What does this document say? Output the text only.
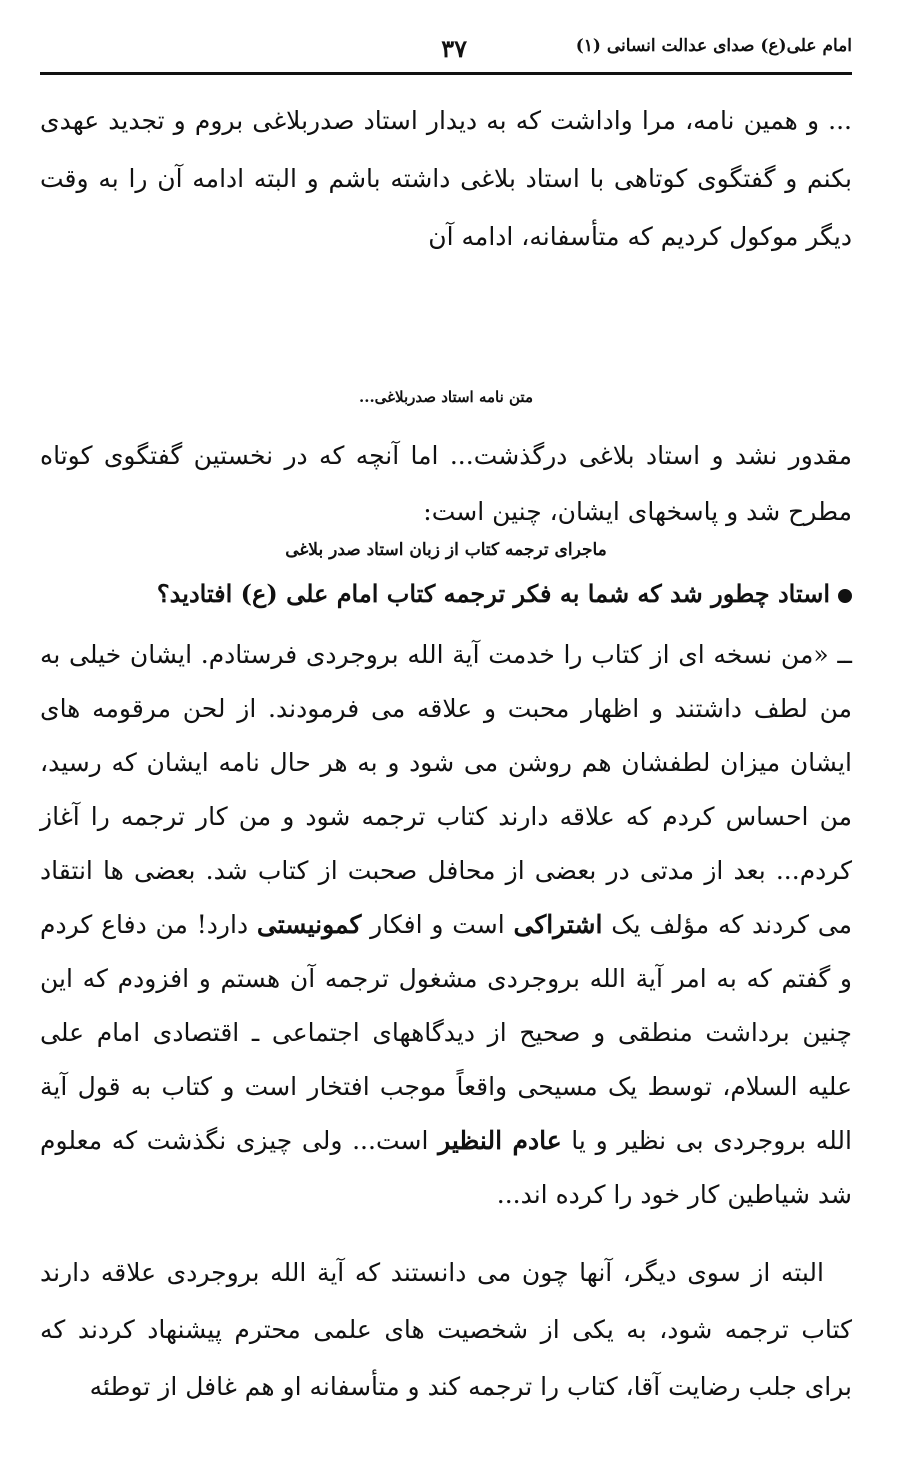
امام علی(ع) صدای عدالت انسانی (۱)
۳۷

... و همین نامه، مرا واداشت که به دیدار استاد صدربلاغی بروم و تجدید عهدی بکنم و گفتگوی کوتاهی با استاد بلاغی داشته باشم و البته ادامه آن را به وقت دیگر موکول کردیم که متأسفانه، ادامه آن

متن نامه استاد صدربلاغی...

مقدور نشد و استاد بلاغی درگذشت... اما آنچه که در نخستین گفتگوی کوتاه مطرح شد و پاسخهای ایشان، چنین است:

ماجرای ترجمه کتاب از زبان استاد صدر بلاغی
استاد چطور شد که شما به فکر ترجمه کتاب امام علی (ع) افتادید؟

ــ «من نسخه ای از کتاب را خدمت آیة الله بروجردی فرستادم. ایشان خیلی به من لطف داشتند و اظهار محبت و علاقه می فرمودند. از لحن مرقومه های ایشان میزان لطفشان هم روشن می شود و به هر حال نامه ایشان که رسید، من احساس کردم که علاقه دارند کتاب ترجمه شود و من کار ترجمه را آغاز کردم... بعد از مدتی در بعضی از محافل صحبت از کتاب شد. بعضی ها انتقاد می کردند که مؤلف یک اشتراکی است و افکار کمونیستی دارد! من دفاع کردم و گفتم که به امر آیة الله بروجردی مشغول ترجمه آن هستم و افزودم که این چنین برداشت منطقی و صحیح از دیدگاههای اجتماعی ـ اقتصادی امام علی علیه السلام، توسط یک مسیحی واقعاً موجب افتخار است و کتاب به قول آیة الله بروجردی بی نظیر و یا عادم النظیر است... ولی چیزی نگذشت که معلوم شد شیاطین کار خود را کرده اند...

البته از سوی دیگر، آنها چون می دانستند که آیة الله بروجردی علاقه دارند کتاب ترجمه شود، به یکی از شخصیت های علمی محترم پیشنهاد کردند که برای جلب رضایت آقا، کتاب را ترجمه کند و متأسفانه او هم غافل از توطئه
